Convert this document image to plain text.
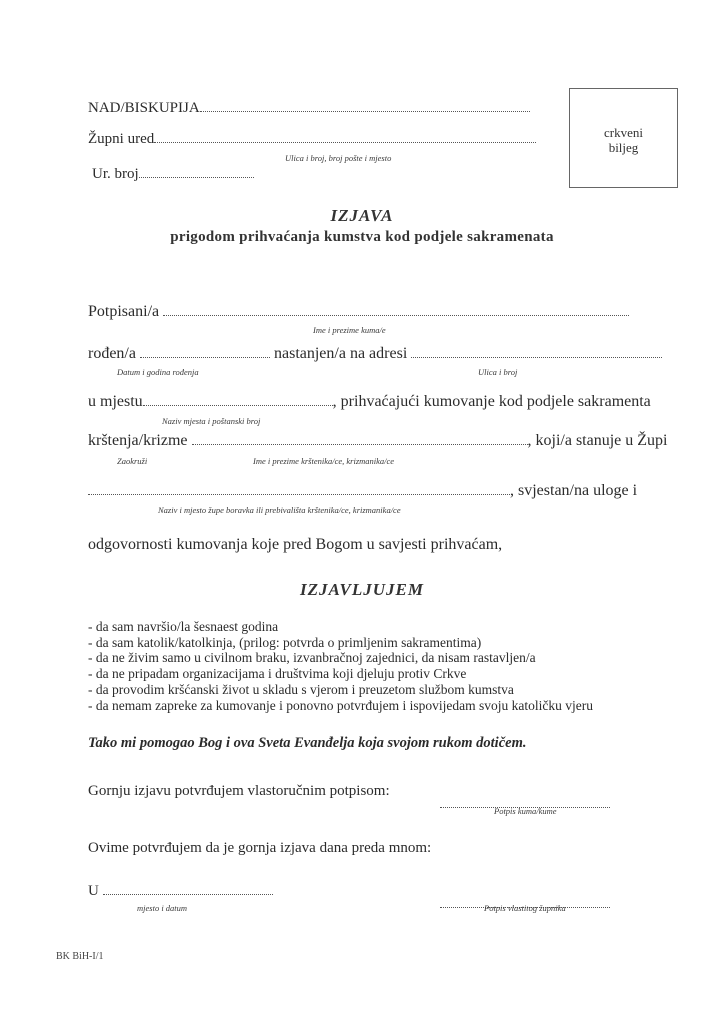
NAD/BISKUPIJA
Župni ured
Ulica i broj, broj pošte i mjesto
Ur. broj
crkveni
biljeg
IZJAVA
prigodom prihvaćanja kumstva kod podjele sakramenata
Potpisani/a
Ime i prezime kuma/e
rođen/a	nastanjen/a na adresi
Datum i godina rođenja	Ulica i broj
u mjestu	, prihvaćajući kumovanje kod podjele sakramenta
Naziv mjesta i poštanski broj
krštenja/krizme	, koji/a stanuje u Župi
Zaokruži	Ime i prezime krštenika/ce, krizmanika/ce
, svjestan/na uloge i
Naziv i mjesto župe boravka ili prebivališta krštenika/ce, krizmanika/ce
odgovornosti kumovanja koje pred Bogom u savjesti prihvaćam,
IZJAVLJUJEM
- da sam navršio/la šesnaest godina
- da sam katolik/katolkinja, (prilog: potvrda o primljenim sakramentima)
- da ne živim samo u civilnom braku, izvanbračnoj zajednici, da nisam rastavljen/a
- da ne pripadam organizacijama i društvima koji djeluju protiv Crkve
- da provodim kršćanski život u skladu s vjerom i preuzetom službom kumstva
- da nemam zapreke za kumovanje i ponovno potvrđujem i ispovijedam svoju katoličku vjeru
Tako mi pomogao Bog i ova Sveta Evanđelja koja svojom rukom dotičem.
Gornju izjavu potvrđujem vlastoručnim potpisom:
Potpis kuma/kume
Ovime potvrđujem da je gornja izjava dana preda mnom:
U
mjesto i datum	Potpis vlastitog župnika
BK BiH-I/1
